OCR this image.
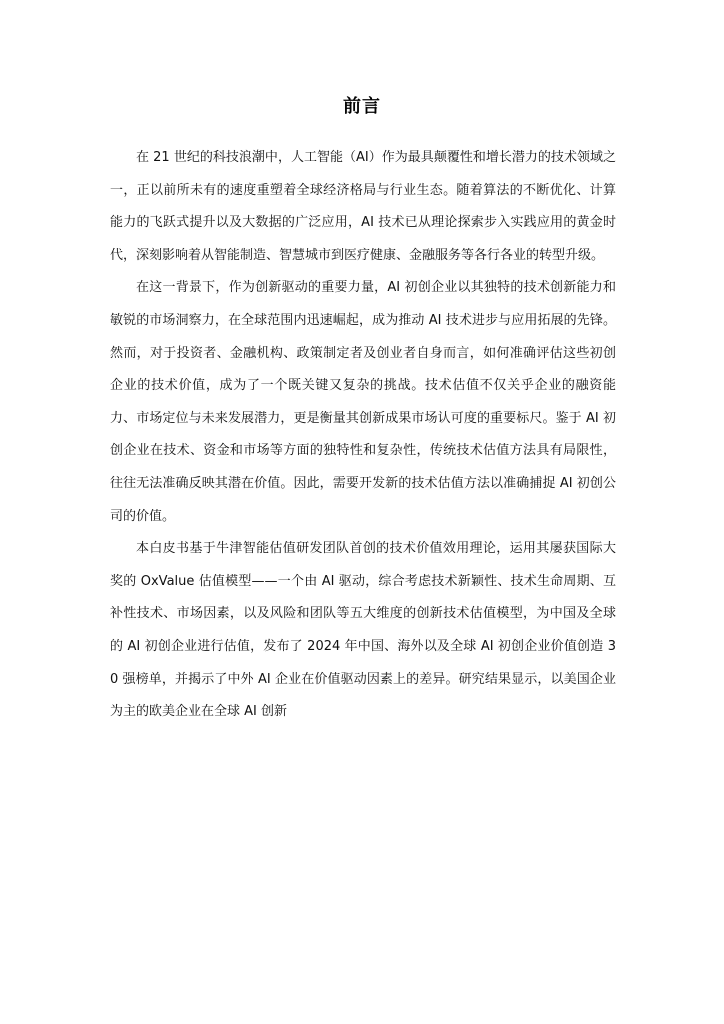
前言

在 21 世纪的科技浪潮中，人工智能（AI）作为最具颠覆性和增长潜力的技术领域之一，正以前所未有的速度重塑着全球经济格局与行业生态。随着算法的不断优化、计算能力的飞跃式提升以及大数据的广泛应用，AI 技术已从理论探索步入实践应用的黄金时代，深刻影响着从智能制造、智慧城市到医疗健康、金融服务等各行各业的转型升级。

在这一背景下，作为创新驱动的重要力量，AI 初创企业以其独特的技术创新能力和敏锐的市场洞察力，在全球范围内迅速崛起，成为推动 AI 技术进步与应用拓展的先锋。然而，对于投资者、金融机构、政策制定者及创业者自身而言，如何准确评估这些初创企业的技术价值，成为了一个既关键又复杂的挑战。技术估值不仅关乎企业的融资能力、市场定位与未来发展潜力，更是衡量其创新成果市场认可度的重要标尺。鉴于 AI 初创企业在技术、资金和市场等方面的独特性和复杂性，传统技术估值方法具有局限性，往往无法准确反映其潜在价值。因此，需要开发新的技术估值方法以准确捕捉 AI 初创公司的价值。

本白皮书基于牛津智能估值研发团队首创的技术价值效用理论，运用其屡获国际大奖的 OxValue 估值模型——一个由 AI 驱动，综合考虑技术新颖性、技术生命周期、互补性技术、市场因素，以及风险和团队等五大维度的创新技术估值模型，为中国及全球的 AI 初创企业进行估值，发布了 2024 年中国、海外以及全球 AI 初创企业价值创造 30 强榜单，并揭示了中外 AI 企业在价值驱动因素上的差异。研究结果显示，以美国企业为主的欧美企业在全球 AI 创新
